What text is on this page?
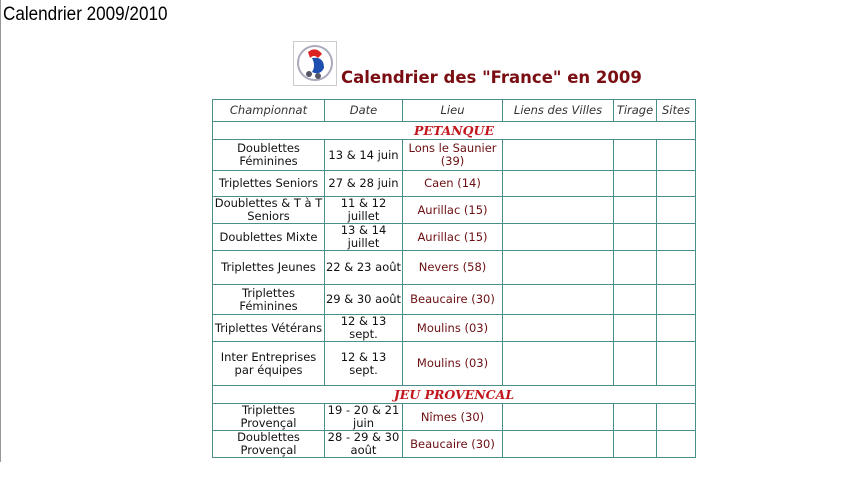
Calendrier 2009/2010
Calendrier des "France" en 2009
Championnat	Date	Lieu	Liens des Villes	Tirage	Sites
PETANQUE					
Doublettes Féminines	13 & 14 juin	Lons le Saunier (39)			
Triplettes Seniors	27 & 28 juin	Caen (14)			
Doublettes & T à T Seniors	11 & 12 juillet	Aurillac (15)			
Doublettes Mixte	13 & 14 juillet	Aurillac (15)			
Triplettes Jeunes	22 & 23 août	Nevers (58)			
Triplettes Féminines	29 & 30 août	Beaucaire (30)			
Triplettes Vétérans	12 & 13 sept.	Moulins (03)			
Inter Entreprises par équipes	12 & 13 sept.	Moulins (03)			
JEU PROVENCAL					
Triplettes Provençal	19 - 20 & 21 juin	Nîmes (30)			
Doublettes Provençal	28 - 29 & 30 août	Beaucaire (30)			
